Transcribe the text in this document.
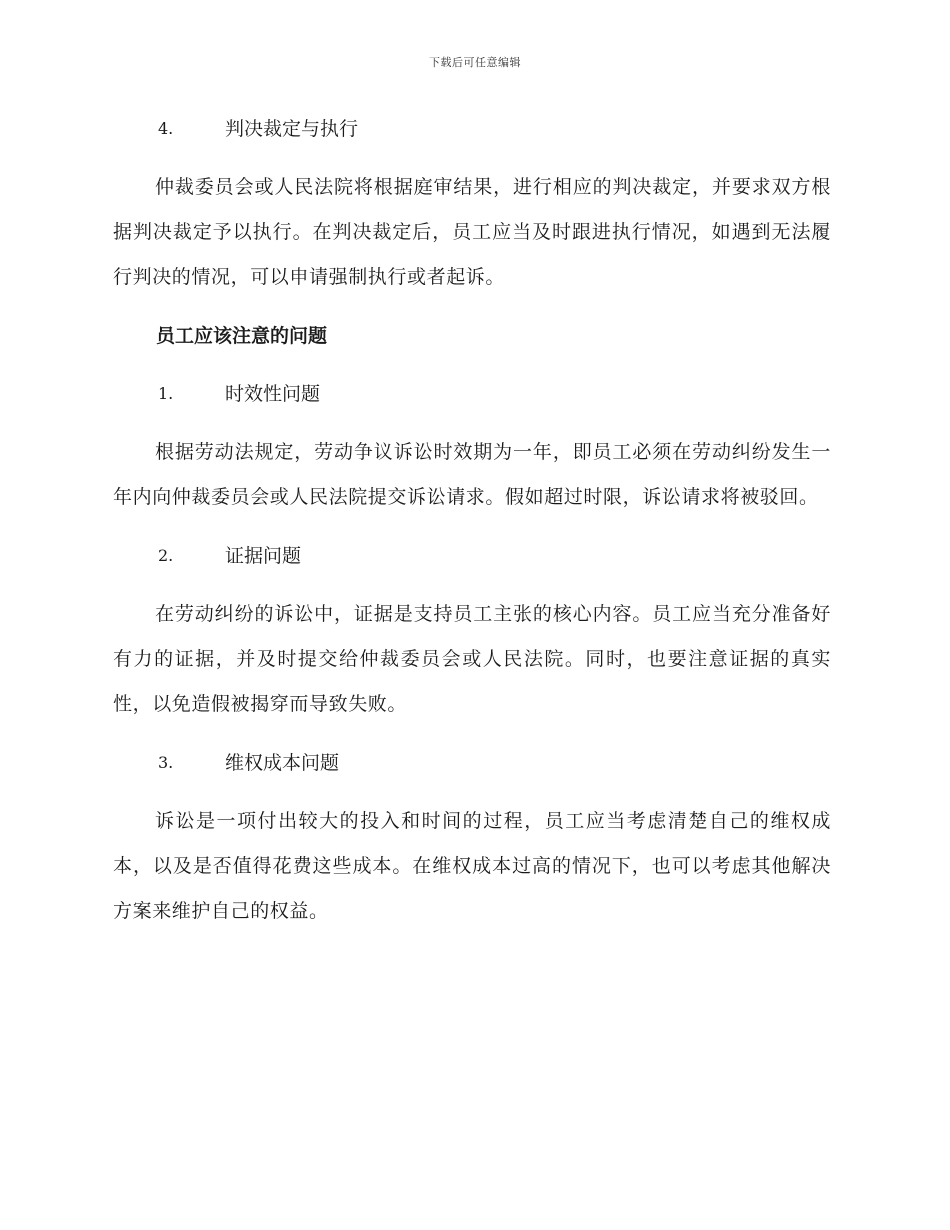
下载后可任意编辑
4.	判决裁定与执行

仲裁委员会或人民法院将根据庭审结果，进行相应的判决裁定，并要求双方根据判决裁定予以执行。在判决裁定后，员工应当及时跟进执行情况，如遇到无法履行判决的情况，可以申请强制执行或者起诉。

员工应该注意的问题
1.	时效性问题

根据劳动法规定，劳动争议诉讼时效期为一年，即员工必须在劳动纠纷发生一年内向仲裁委员会或人民法院提交诉讼请求。假如超过时限，诉讼请求将被驳回。

2.	证据问题

在劳动纠纷的诉讼中，证据是支持员工主张的核心内容。员工应当充分准备好有力的证据，并及时提交给仲裁委员会或人民法院。同时，也要注意证据的真实性，以免造假被揭穿而导致失败。

3.	维权成本问题

诉讼是一项付出较大的投入和时间的过程，员工应当考虑清楚自己的维权成本，以及是否值得花费这些成本。在维权成本过高的情况下，也可以考虑其他解决方案来维护自己的权益。
